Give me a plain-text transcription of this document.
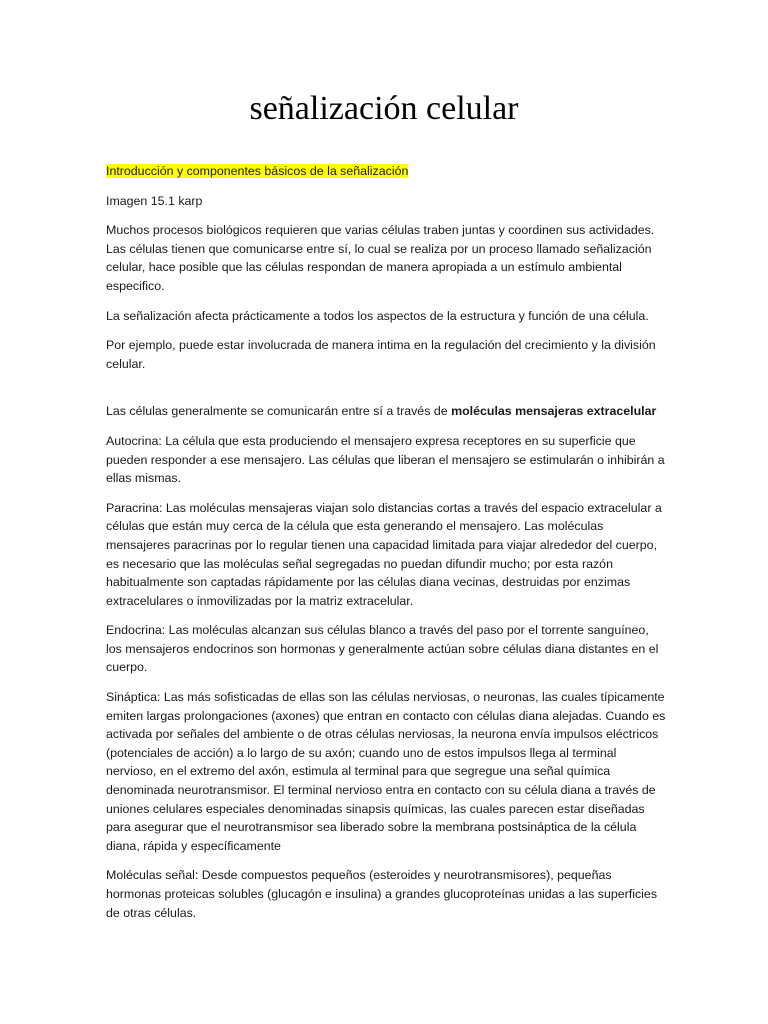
señalización celular

Introducción y componentes básicos de la señalización

Imagen 15.1 karp

Muchos procesos biológicos requieren que varias células traben juntas y coordinen sus actividades. Las células tienen que comunicarse entre sí, lo cual se realiza por un proceso llamado señalización celular, hace posible que las células respondan de manera apropiada a un estímulo ambiental especifico.

La señalización afecta prácticamente a todos los aspectos de la estructura y función de una célula.

Por ejemplo, puede estar involucrada de manera intima en la regulación del crecimiento y la división celular.

Las células generalmente se comunicarán entre sí a través de moléculas mensajeras extracelular

Autocrina: La célula que esta produciendo el mensajero expresa receptores en su superficie que pueden responder a ese mensajero. Las células que liberan el mensajero se estimularán o inhibirán a ellas mismas.

Paracrina: Las moléculas mensajeras viajan solo distancias cortas a través del espacio extracelular a células que están muy cerca de la célula que esta generando el mensajero. Las moléculas mensajeres paracrinas por lo regular tienen una capacidad limitada para viajar alrededor del cuerpo, es necesario que las moléculas señal segregadas no puedan difundir mucho; por esta razón habitualmente son captadas rápidamente por las células diana vecinas, destruidas por enzimas extracelulares o inmovilizadas por la matriz extracelular.

Endocrina: Las moléculas alcanzan sus células blanco a través del paso por el torrente sanguíneo, los mensajeros endocrinos son hormonas y generalmente actúan sobre células diana distantes en el cuerpo.

Sináptica: Las más sofisticadas de ellas son las células nerviosas, o neuronas, las cuales típicamente emiten largas prolongaciones (axones) que entran en contacto con células diana alejadas. Cuando es activada por señales del ambiente o de otras células nerviosas, la neurona envía impulsos eléctricos (potenciales de acción) a lo largo de su axón; cuando uno de estos impulsos llega al terminal nervioso, en el extremo del axón, estimula al terminal para que segregue una señal química denominada neurotransmisor. El terminal nervioso entra en contacto con su célula diana a través de uniones celulares especiales denominadas sinapsis químicas, las cuales parecen estar diseñadas para asegurar que el neurotransmisor sea liberado sobre la membrana postsináptica de la célula diana, rápida y específicamente

Moléculas señal: Desde compuestos pequeños (esteroides y neurotransmisores), pequeñas hormonas proteicas solubles (glucagón e insulina) a grandes glucoproteínas unidas a las superficies de otras células.
